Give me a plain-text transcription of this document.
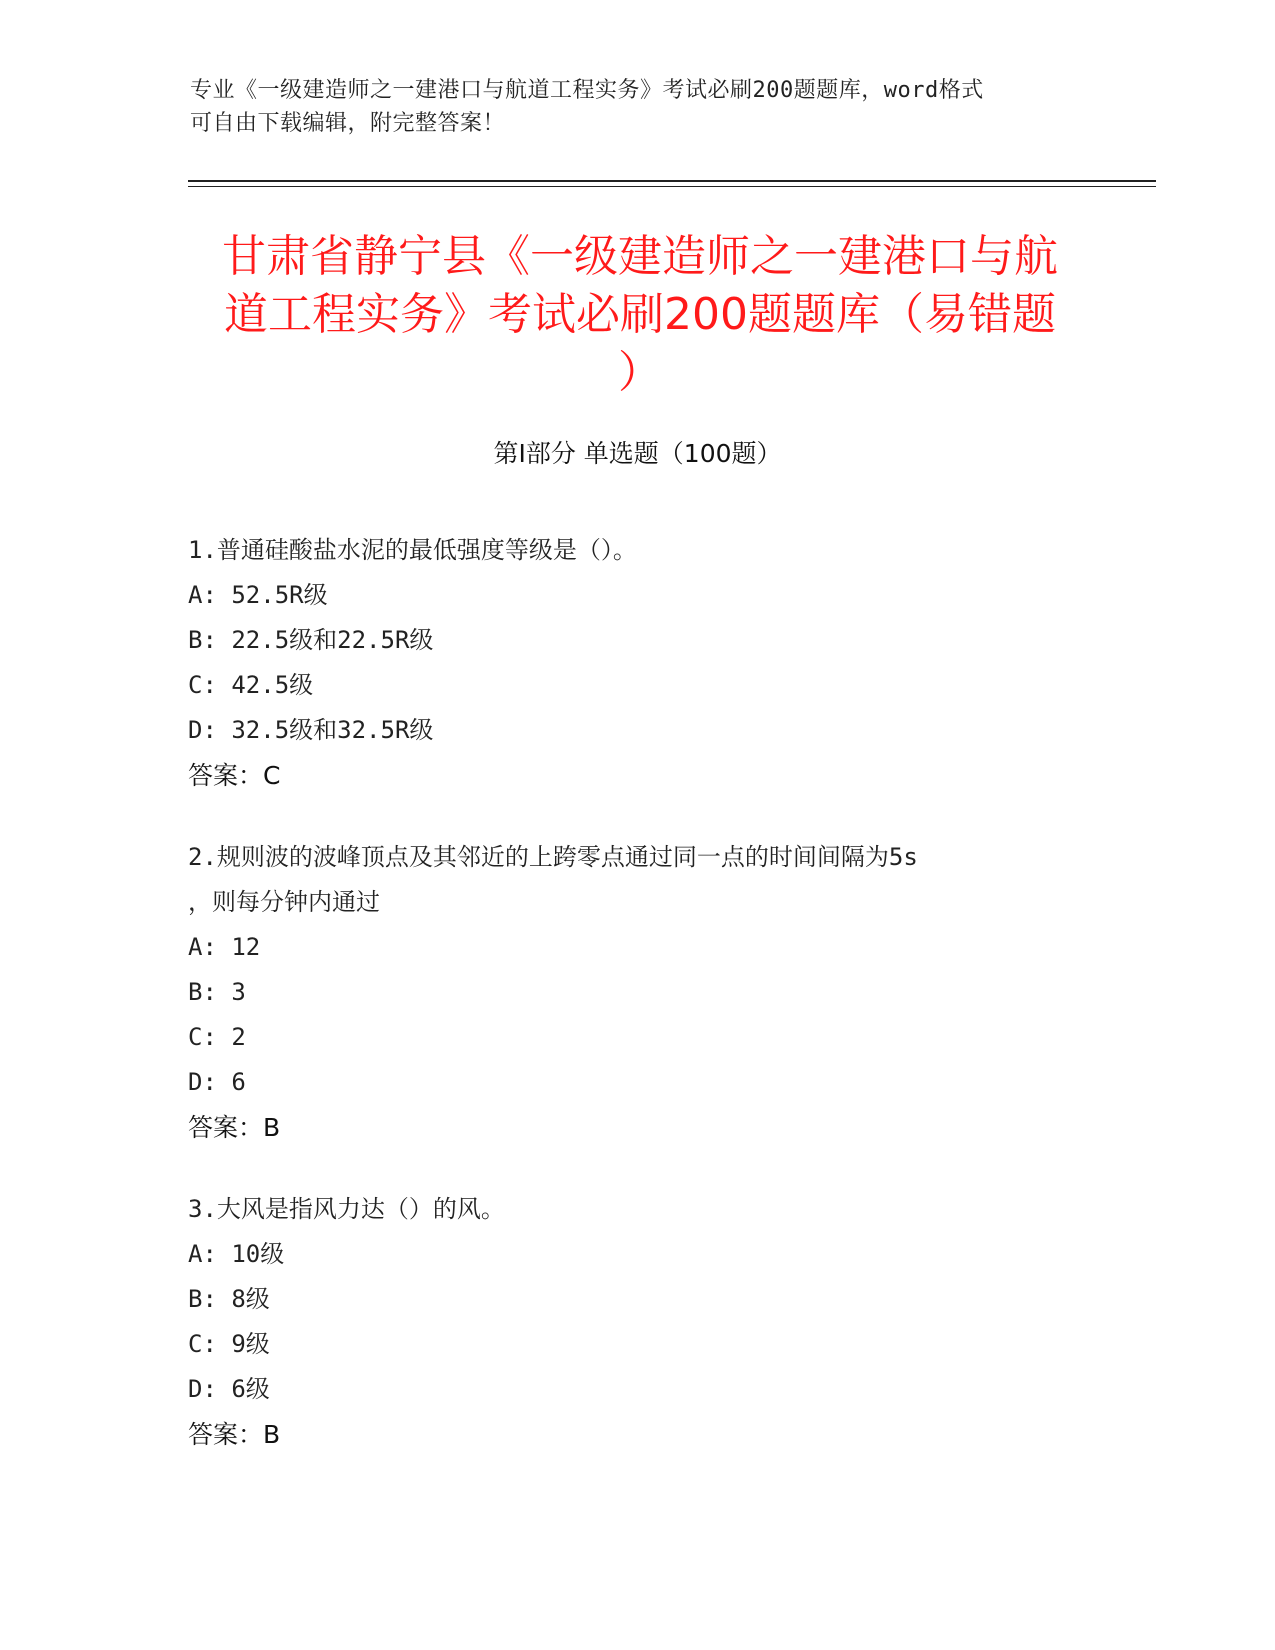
专业《一级建造师之一建港口与航道工程实务》考试必刷200题题库，word格式
可自由下载编辑，附完整答案！
甘肃省静宁县《一级建造师之一建港口与航
道工程实务》考试必刷200题题库（易错题
）
第Ⅰ部分 单选题（100题）
1.普通硅酸盐水泥的最低强度等级是（）。
A: 52.5R级
B: 22.5级和22.5R级
C: 42.5级
D: 32.5级和32.5R级
答案：C
2.规则波的波峰顶点及其邻近的上跨零点通过同一点的时间间隔为5s
，则每分钟内通过
A: 12
B: 3
C: 2
D: 6
答案：B
3.大风是指风力达（）的风。
A: 10级
B: 8级
C: 9级
D: 6级
答案：B
